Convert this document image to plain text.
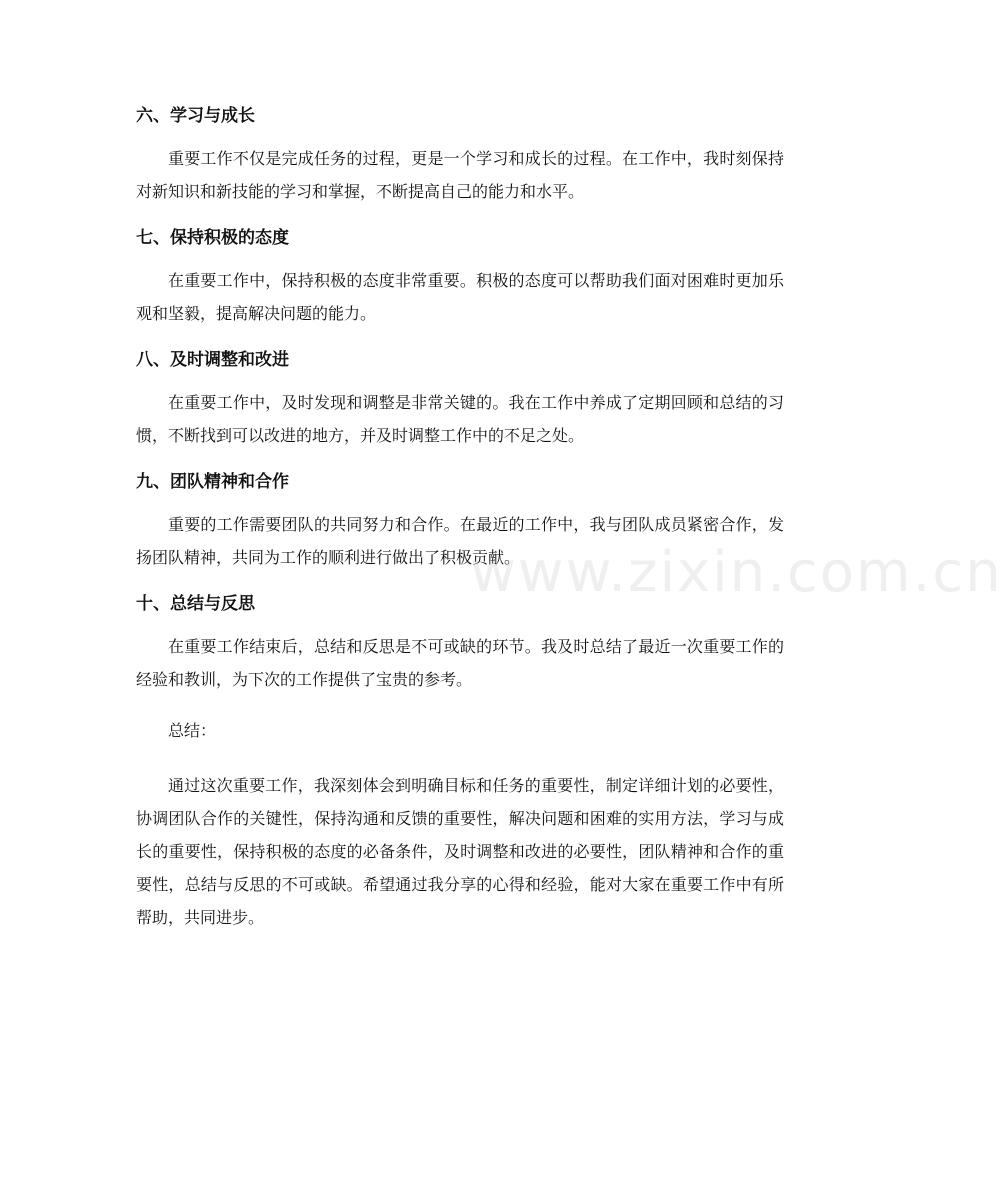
六、学习与成长

重要工作不仅是完成任务的过程，更是一个学习和成长的过程。在工作中，我时刻保持对新知识和新技能的学习和掌握，不断提高自己的能力和水平。

七、保持积极的态度

在重要工作中，保持积极的态度非常重要。积极的态度可以帮助我们面对困难时更加乐观和坚毅，提高解决问题的能力。

八、及时调整和改进

在重要工作中，及时发现和调整是非常关键的。我在工作中养成了定期回顾和总结的习惯，不断找到可以改进的地方，并及时调整工作中的不足之处。

九、团队精神和合作

重要的工作需要团队的共同努力和合作。在最近的工作中，我与团队成员紧密合作，发扬团队精神，共同为工作的顺利进行做出了积极贡献。

十、总结与反思

在重要工作结束后，总结和反思是不可或缺的环节。我及时总结了最近一次重要工作的经验和教训，为下次的工作提供了宝贵的参考。

总结：

通过这次重要工作，我深刻体会到明确目标和任务的重要性，制定详细计划的必要性，协调团队合作的关键性，保持沟通和反馈的重要性，解决问题和困难的实用方法，学习与成长的重要性，保持积极的态度的必备条件，及时调整和改进的必要性，团队精神和合作的重要性，总结与反思的不可或缺。希望通过我分享的心得和经验，能对大家在重要工作中有所帮助，共同进步。

www.zixin.com.cn
